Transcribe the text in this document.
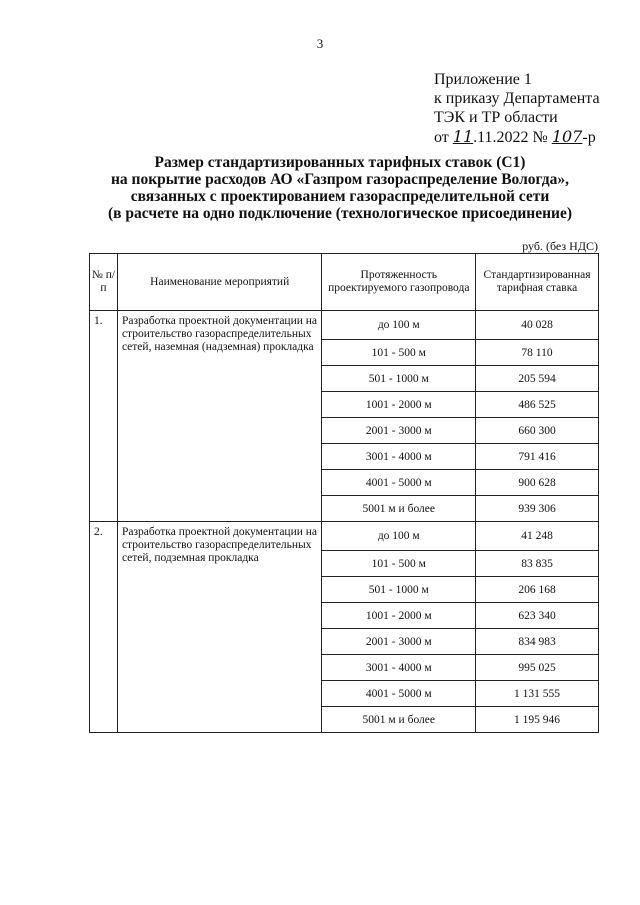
3
Приложение 1
к приказу Департамента
ТЭК и ТР области
от 11.11.2022 № 107-р
Размер стандартизированных тарифных ставок (С1)
на покрытие расходов АО «Газпром газораспределение Вологда»,
связанных с проектированием газораспределительной сети
(в расчете на одно подключение (технологическое присоединение)
руб. (без НДС)
№ п/п	Наименование мероприятий	Протяженность проектируемого газопровода	Стандартизированная тарифная ставка
1.	Разработка проектной документации на строительство газораспределительных сетей, наземная (надземная) прокладка	до 100 м	40 028
		101 - 500 м	78 110
		501 - 1000 м	205 594
		1001 - 2000 м	486 525
		2001 - 3000 м	660 300
		3001 - 4000 м	791 416
		4001 - 5000 м	900 628
		5001 м и более	939 306
2.	Разработка проектной документации на строительство газораспределительных сетей, подземная прокладка	до 100 м	41 248
		101 - 500 м	83 835
		501 - 1000 м	206 168
		1001 - 2000 м	623 340
		2001 - 3000 м	834 983
		3001 - 4000 м	995 025
		4001 - 5000 м	1 131 555
		5001 м и более	1 195 946
